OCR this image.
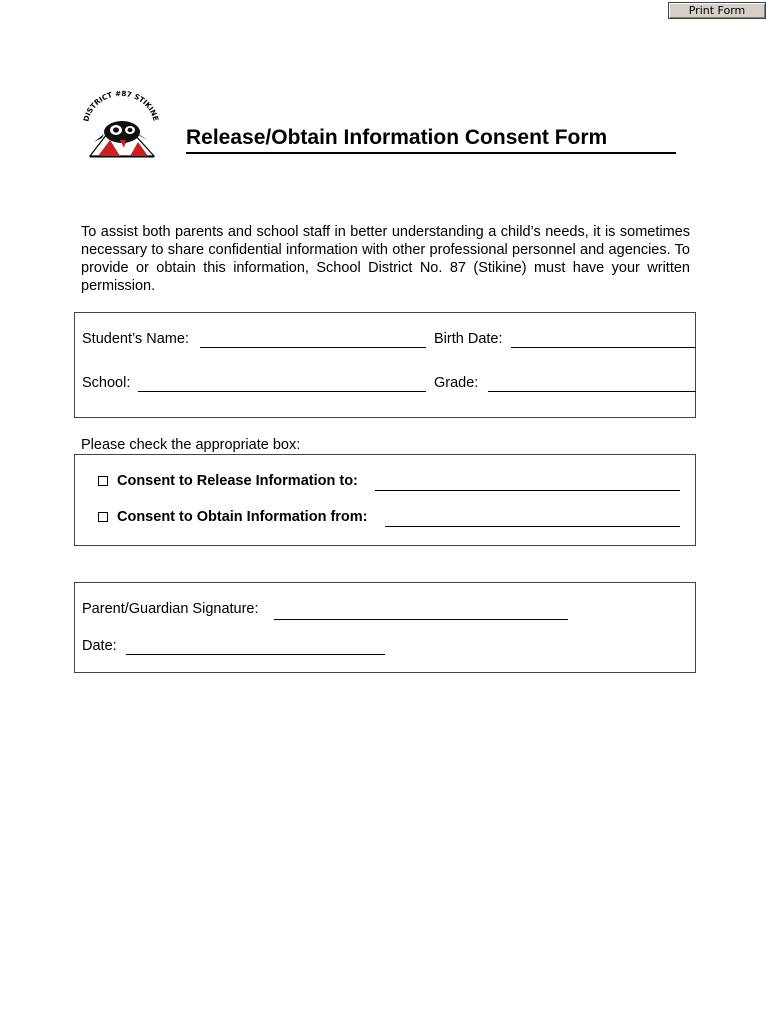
Print Form
DISTRICT #87 STIKINE
Release/Obtain Information Consent Form

To assist both parents and school staff in better understanding a child’s needs, it is sometimes necessary to share confidential information with other professional personnel and agencies. To provide or obtain this information, School District No. 87 (Stikine) must have your written permission.

Student’s Name:	Birth Date:
School:	Grade:
Please check the appropriate box:
Consent to Release Information to:
Consent to Obtain Information from:
Parent/Guardian Signature:
Date:
